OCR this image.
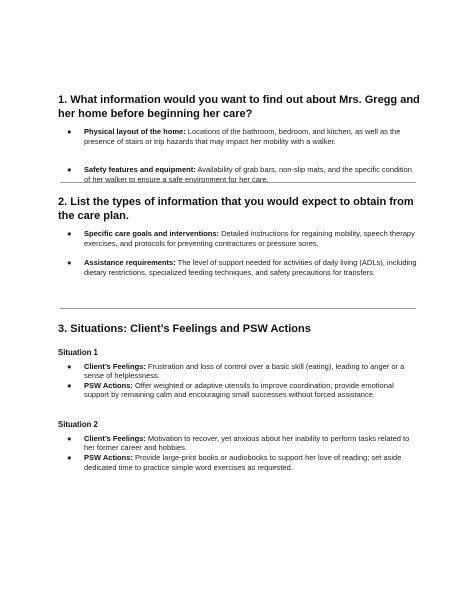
1. What information would you want to find out about Mrs. Gregg and her home before beginning her care?
● Physical layout of the home: Locations of the bathroom, bedroom, and kitchen, as well as the presence of stairs or trip hazards that may impact her mobility with a walker.
● Safety features and equipment: Availability of grab bars, non-slip mats, and the specific condition of her walker to ensure a safe environment for her care.
2. List the types of information that you would expect to obtain from the care plan.
● Specific care goals and interventions: Detailed instructions for regaining mobility, speech therapy exercises, and protocols for preventing contractures or pressure sores.
● Assistance requirements: The level of support needed for activities of daily living (ADLs), including dietary restrictions, specialized feeding techniques, and safety precautions for transfers.
3. Situations: Client’s Feelings and PSW Actions

Situation 1

● Client’s Feelings: Frustration and loss of control over a basic skill (eating), leading to anger or a sense of helplessness.
● PSW Actions: Offer weighted or adaptive utensils to improve coordination; provide emotional support by remaining calm and encouraging small successes without forced assistance.

Situation 2

● Client’s Feelings: Motivation to recover, yet anxious about her inability to perform tasks related to her former career and hobbies.
● PSW Actions: Provide large-print books or audiobooks to support her love of reading; set aside dedicated time to practice simple word exercises as requested.
